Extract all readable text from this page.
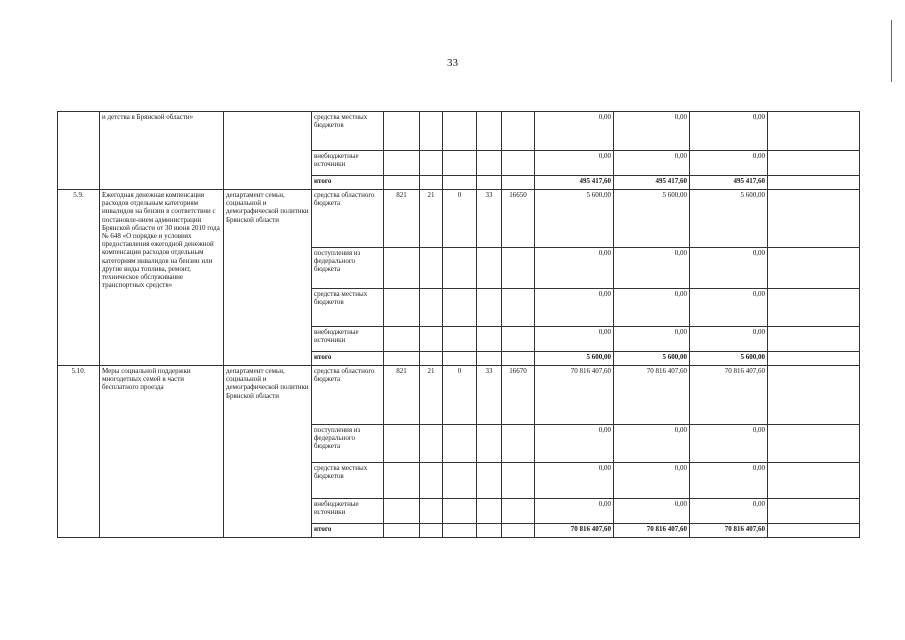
33
	и детства в Брянской области»		средства местных бюджетов						0,00	0,00	0,00	
			внебюджетные источники						0,00	0,00	0,00	
			итого						495 417,60	495 417,60	495 417,60	
5.9.	Ежегодная денежная компенсация расходов отдельным категориям инвалидов на бензин в соответствии с постановле-нием администрации Брянской области от 30 июня 2010 года № 648 «О порядке и условиях предоставления ежегодной денежной компенсации расходов отдельным категориям инвалидов на бензин или другие виды топлива, ремонт, техническое обслуживание транспортных средств»	департамент семьи, социальной и демографической политики Брянской области	средства областного бюджета	821	21	0	33	16650	5 600,00	5 600,00	5 600,00	
			поступления из федерального бюджета						0,00	0,00	0,00	
			средства местных бюджетов						0,00	0,00	0,00	
			внебюджетные источники						0,00	0,00	0,00	
			итого						5 600,00	5 600,00	5 600,00	
5.10.	Меры социальной поддержки многодетных семей в части бесплатного проезда	департамент семьи, социальной и демографической политики Брянской области	средства областного бюджета	821	21	0	33	16670	70 816 407,60	70 816 407,60	70 816 407,60	
			поступления из федерального бюджета						0,00	0,00	0,00	
			средства местных бюджетов						0,00	0,00	0,00	
			внебюджетные источники						0,00	0,00	0,00	
			итого						70 816 407,60	70 816 407,60	70 816 407,60	
